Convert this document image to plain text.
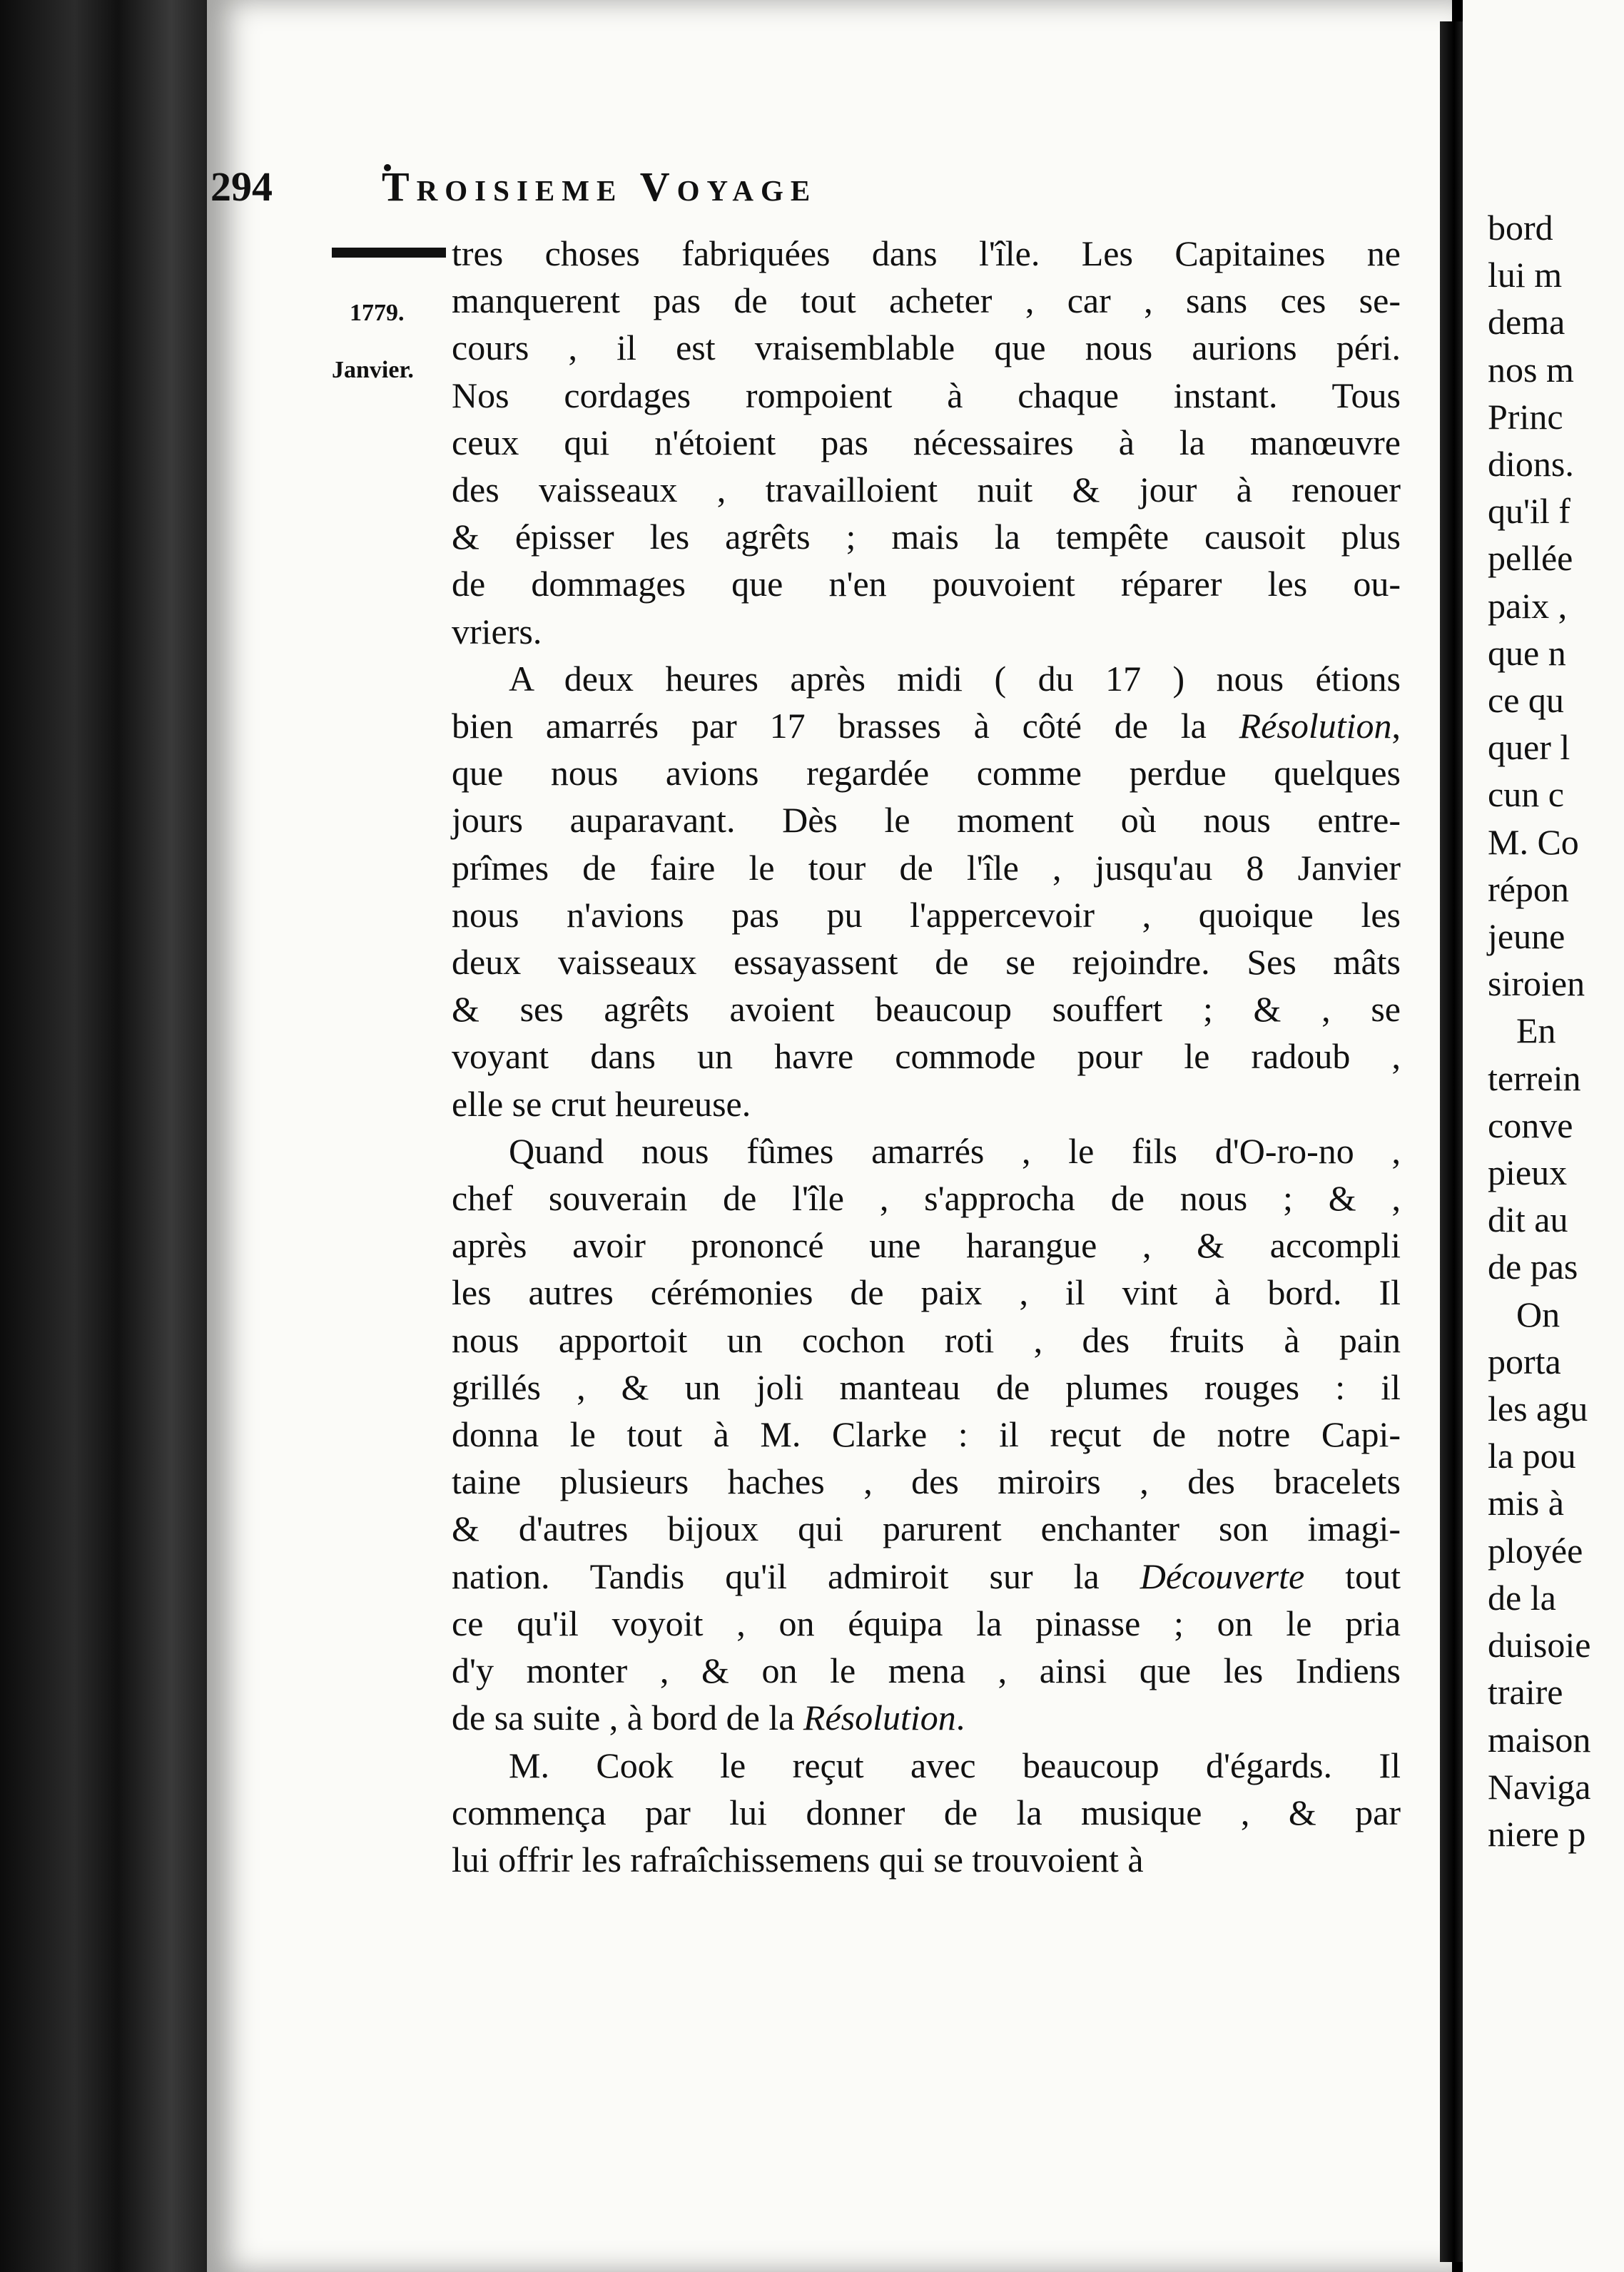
294	Troisieme Voyage
1779.
Janvier.

tres choses fabriquées dans l'île. Les Capitaines ne
manquerent pas de tout acheter , car , sans ces se-
cours , il est vraisemblable que nous aurions péri.
Nos cordages rompoient à chaque instant. Tous
ceux qui n'étoient pas nécessaires à la manœuvre
des vaisseaux , travailloient nuit & jour à renouer
& épisser les agrêts ; mais la tempête causoit plus
de dommages que n'en pouvoient réparer les ou-
vriers.

A deux heures après midi ( du 17 ) nous étions
bien amarrés par 17 brasses à côté de la Résolution,
que nous avions regardée comme perdue quelques
jours auparavant. Dès le moment où nous entre-
prîmes de faire le tour de l'île , jusqu'au 8 Janvier
nous n'avions pas pu l'appercevoir , quoique les
deux vaisseaux essayassent de se rejoindre. Ses mâts
& ses agrêts avoient beaucoup souffert ; & , se
voyant dans un havre commode pour le radoub ,
elle se crut heureuse.

Quand nous fûmes amarrés , le fils d'O-ro-no ,
chef souverain de l'île , s'approcha de nous ; & ,
après avoir prononcé une harangue , & accompli
les autres cérémonies de paix , il vint à bord. Il
nous apportoit un cochon roti , des fruits à pain
grillés , & un joli manteau de plumes rouges : il
donna le tout à M. Clarke : il reçut de notre Capi-
taine plusieurs haches , des miroirs , des bracelets
& d'autres bijoux qui parurent enchanter son imagi-
nation. Tandis qu'il admiroit sur la Découverte tout
ce qu'il voyoit , on équipa la pinasse ; on le pria
d'y monter , & on le mena , ainsi que les Indiens
de sa suite , à bord de la Résolution.

M. Cook le reçut avec beaucoup d'égards. Il
commença par lui donner de la musique , & par
lui offrir les rafraîchissemens qui se trouvoient à

bord
lui m
dema
nos m
Princ
dions.
qu'il f
pellée
paix ,
que n
ce qu
quer l
cun c
M. Co
répon
jeune
siroien
En
terrein
conve
pieux
dit au
de pas
On
porta
les agu
la pou
mis à
ployée
de la
duisoie
traire
maison
Naviga
niere p
